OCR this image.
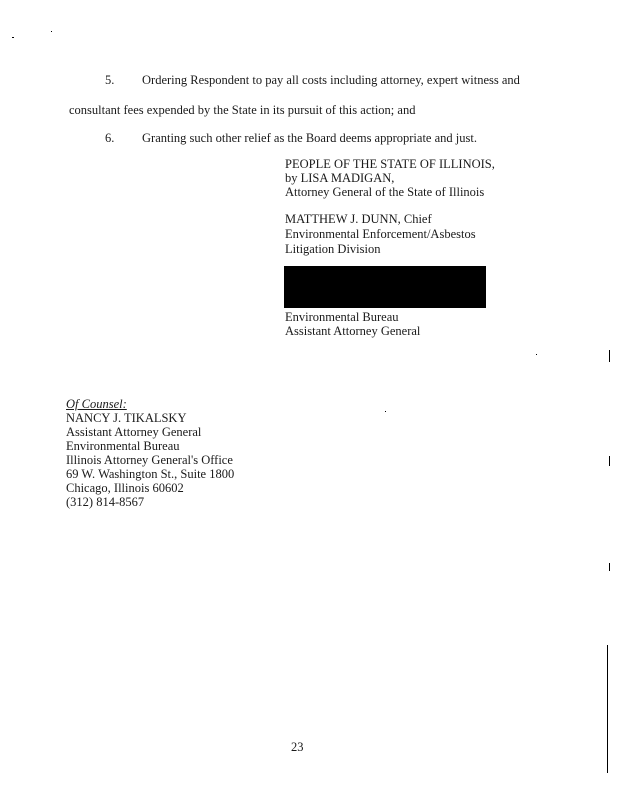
5. Ordering Respondent to pay all costs including attorney, expert witness and
consultant fees expended by the State in its pursuit of this action; and
6. Granting such other relief as the Board deems appropriate and just.
PEOPLE OF THE STATE OF ILLINOIS,
by LISA MADIGAN,
Attorney General of the State of Illinois
MATTHEW J. DUNN, Chief
Environmental Enforcement/Asbestos
Litigation Division
Environmental Bureau
Assistant Attorney General
Of Counsel:
NANCY J. TIKALSKY
Assistant Attorney General
Environmental Bureau
Illinois Attorney General's Office
69 W. Washington St., Suite 1800
Chicago, Illinois 60602
(312) 814-8567
23
